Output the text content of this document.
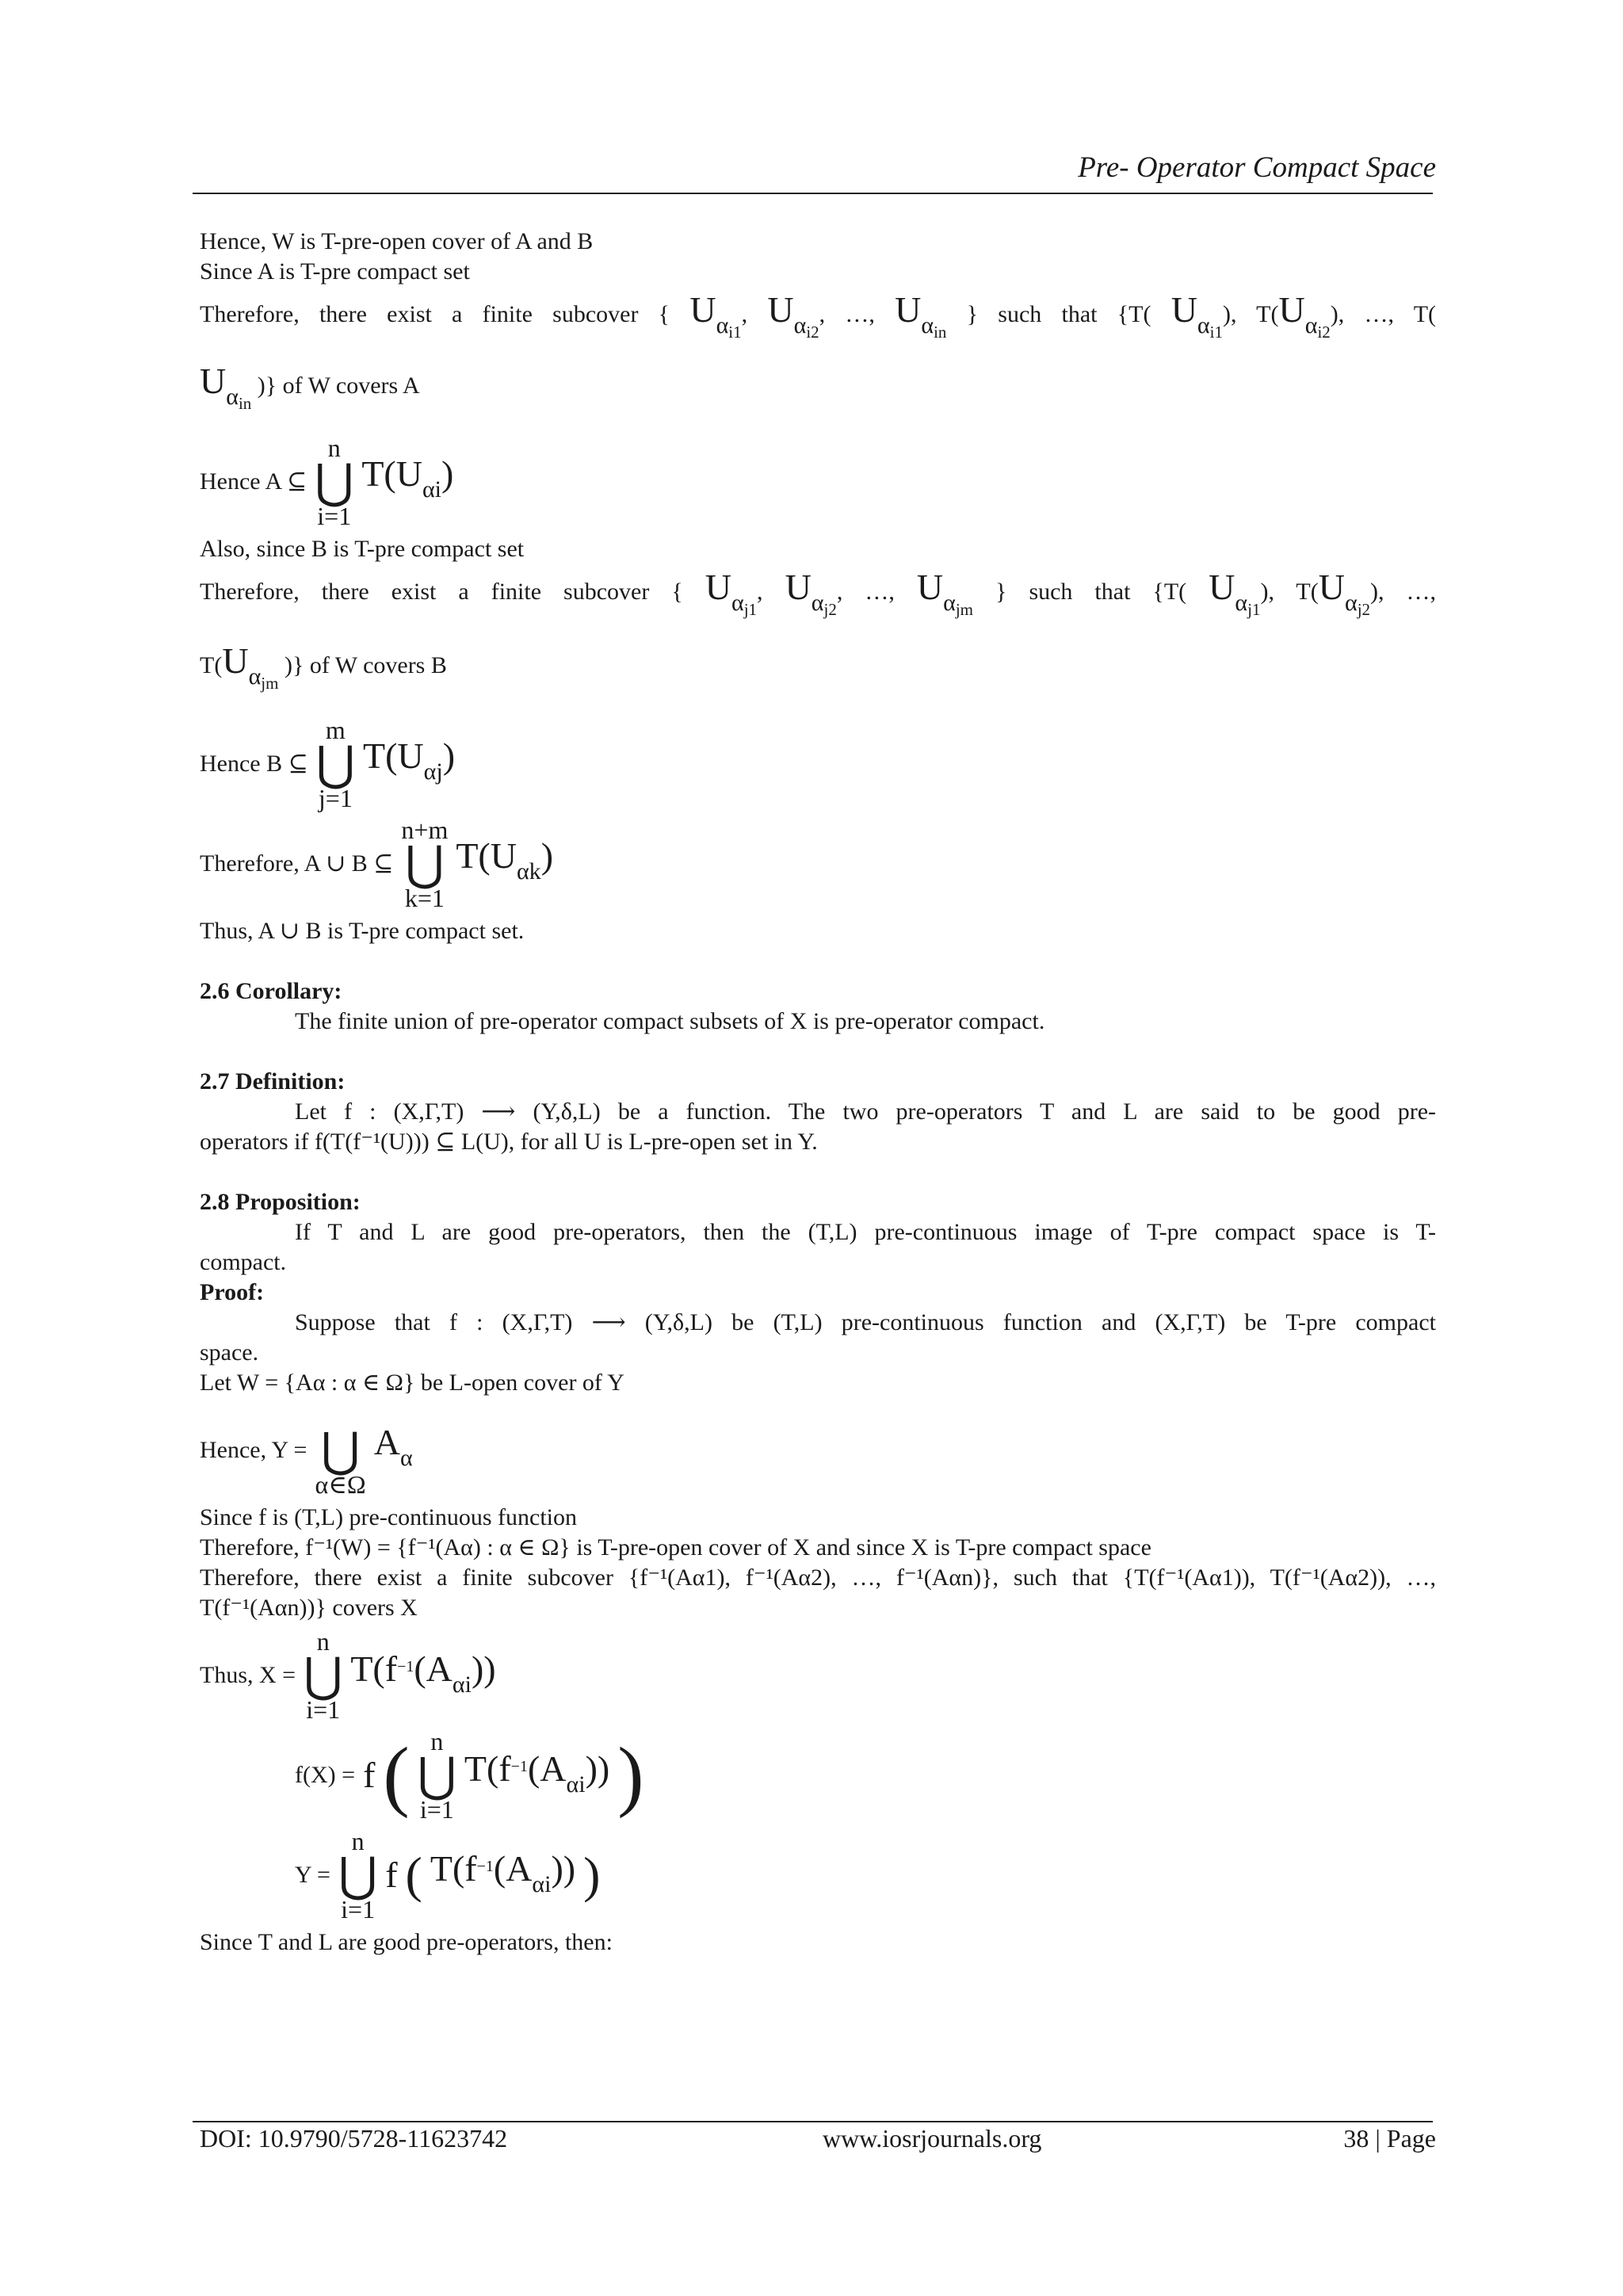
Pre- Operator Compact Space
Hence, W is T-pre-open cover of A and B
Since A is T-pre compact set
Therefore, there exist a finite subcover { $U\alpha_{i1}$, $U\alpha_{i2}$, …, $U\alpha_{in}$ } such that {T( $U\alpha_{i1}$), $T(U\alpha_{i2})$, …, T(
$U\alpha_{in}$ )} of W covers A
Hence A ⊆
n
⋃
i=1
$T(U_{\alpha i})$
Also, since B is T-pre compact set
Therefore, there exist a finite subcover { $U\alpha_{j1}$, $U\alpha_{j2}$, …, $U\alpha_{jm}$ } such that {T( $U\alpha_{j1}$), $T(U\alpha_{j2})$, …,
$T(U\alpha_{jm}$ )} of W covers B
Hence B ⊆
m
⋃
j=1
$T(U_{\alpha j})$
Therefore, A ∪ B ⊆
n+m
⋃
k=1
$T(U_{\alpha k})$
Thus, A ∪ B is T-pre compact set.
2.6 Corollary:
The finite union of pre-operator compact subsets of X is pre-operator compact.
2.7 Definition:
Let f : (X,Γ,T) ⟶ (Y,δ,L) be a function. The two pre-operators T and L are said to be good pre-
operators if f(T(f⁻¹(U))) ⊆ L(U), for all U is L-pre-open set in Y.
2.8 Proposition:
If T and L are good pre-operators, then the (T,L) pre-continuous image of T-pre compact space is T-
compact.
Proof:
Suppose that f : (X,Γ,T) ⟶ (Y,δ,L) be (T,L) pre-continuous function and (X,Γ,T) be T-pre compact
space.
Let W = {Aα : α ∈ Ω} be L-open cover of Y
Hence, Y =
⋃
α∈Ω
$A_\alpha$
Since f is (T,L) pre-continuous function
Therefore, f⁻¹(W) = {f⁻¹(Aα) : α ∈ Ω} is T-pre-open cover of X and since X is T-pre compact space
Therefore, there exist a finite subcover {f⁻¹(Aα1), f⁻¹(Aα2), …, f⁻¹(Aαn)}, such that {T(f⁻¹(Aα1)), T(f⁻¹(Aα2)), …,
T(f⁻¹(Aαn))} covers X
Thus, X =
n
⋃
i=1
$T(f^{-1}(A_{\alpha i}))$
f(X) = f ( n
⋃
i=1
$T(f^{-1}(A_{\alpha i}))$ )
Y =
n
⋃
i=1
f ( $T(f^{-1}(A_{\alpha i}))$ )
Since T and L are good pre-operators, then:
DOI: 10.9790/5728-11623742	www.iosrjournals.org	38 | Page
